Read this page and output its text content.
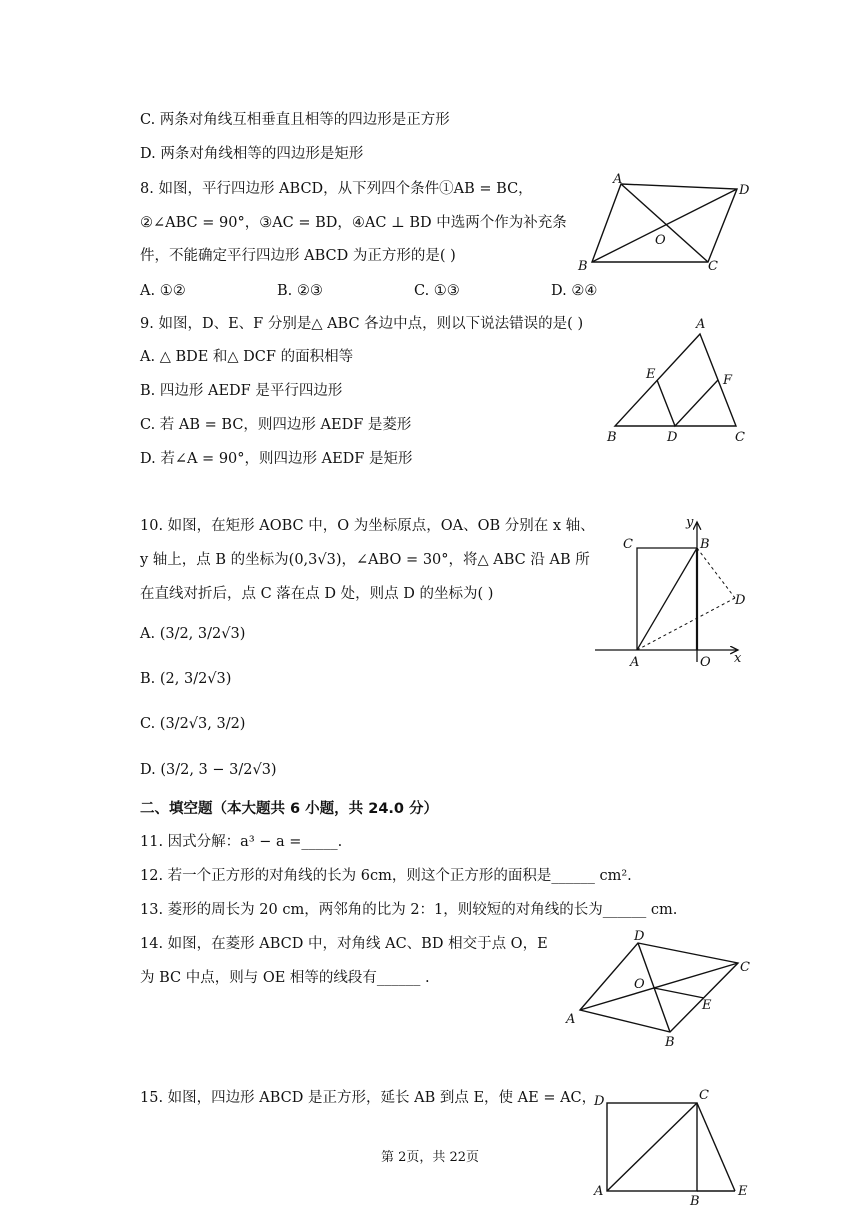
C. 两条对角线互相垂直且相等的四边形是正方形
D. 两条对角线相等的四边形是矩形
8. 如图，平行四边形 ABCD，从下列四个条件①AB = BC，
②∠ABC = 90°，③AC = BD，④AC ⊥ BD 中选两个作为补充条
件，不能确定平行四边形 ABCD 为正方形的是( )
A. ①②	B. ②③	C. ①③	D. ②④
A
D
O
B	C
9. 如图，D、E、F 分别是△ ABC 各边中点，则以下说法错误的是( )
A. △ BDE 和△ DCF 的面积相等
B. 四边形 AEDF 是平行四边形
C. 若 AB = BC，则四边形 AEDF 是菱形
D. 若∠A = 90°，则四边形 AEDF 是矩形
A
E	F
B	D	C
10. 如图，在矩形 AOBC 中，O 为坐标原点，OA、OB 分别在 x 轴、
y 轴上，点 B 的坐标为(0,3√3)，∠ABO = 30°，将△ ABC 沿 AB 所
在直线对折后，点 C 落在点 D 处，则点 D 的坐标为( )
A. (3/2, 3/2√3)
B. (2, 3/2√3)
C. (3/2√3, 3/2)
D. (3/2, 3 − 3/2√3)
y
C	B
D
A	O x
二、填空题（本大题共 6 小题，共 24.0 分）
11. 因式分解：a³ − a =_____.
12. 若一个正方形的对角线的长为 6cm，则这个正方形的面积是______ cm².
13. 菱形的周长为 20 cm，两邻角的比为 2：1，则较短的对角线的长为______ cm.
14. 如图，在菱形 ABCD 中，对角线 AC、BD 相交于点 O，E
为 BC 中点，则与 OE 相等的线段有______ .
D
C
O
E
A
B
15. 如图，四边形 ABCD 是正方形，延长 AB 到点 E，使 AE = AC，
D	C
A
B
E
第 2页，共 22页
